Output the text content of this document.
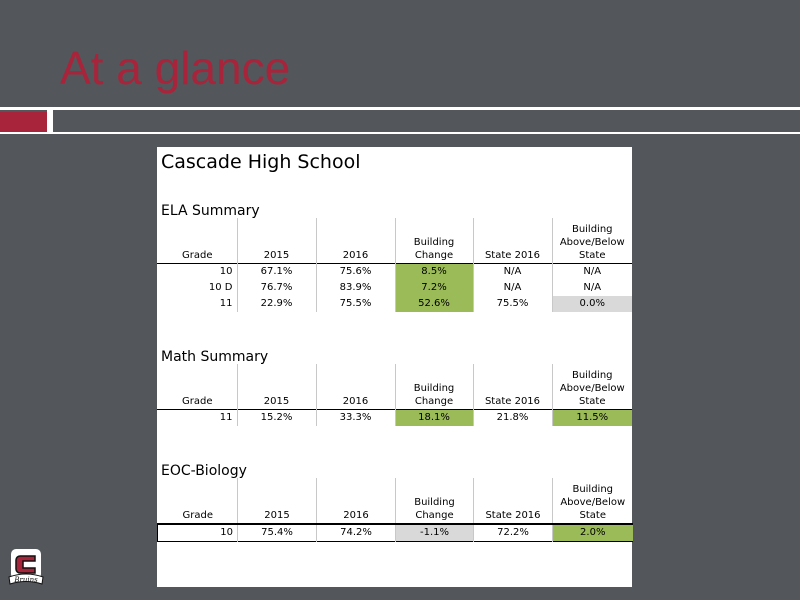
At a glance
Cascade High School
ELA Summary
Grade	2015	2016	Building Change	State 2016	Building Above/Below State
10	67.1%	75.6%	8.5%	N/A	N/A
10 D	76.7%	83.9%	7.2%	N/A	N/A
11	22.9%	75.5%	52.6%	75.5%	0.0%
Math Summary
Grade	2015	2016	Building Change	State 2016	Building Above/Below State
11	15.2%	33.3%	18.1%	21.8%	11.5%
EOC-Biology
Grade	2015	2016	Building Change	State 2016	Building Above/Below State
10	75.4%	74.2%	-1.1%	72.2%	2.0%
Bruins
